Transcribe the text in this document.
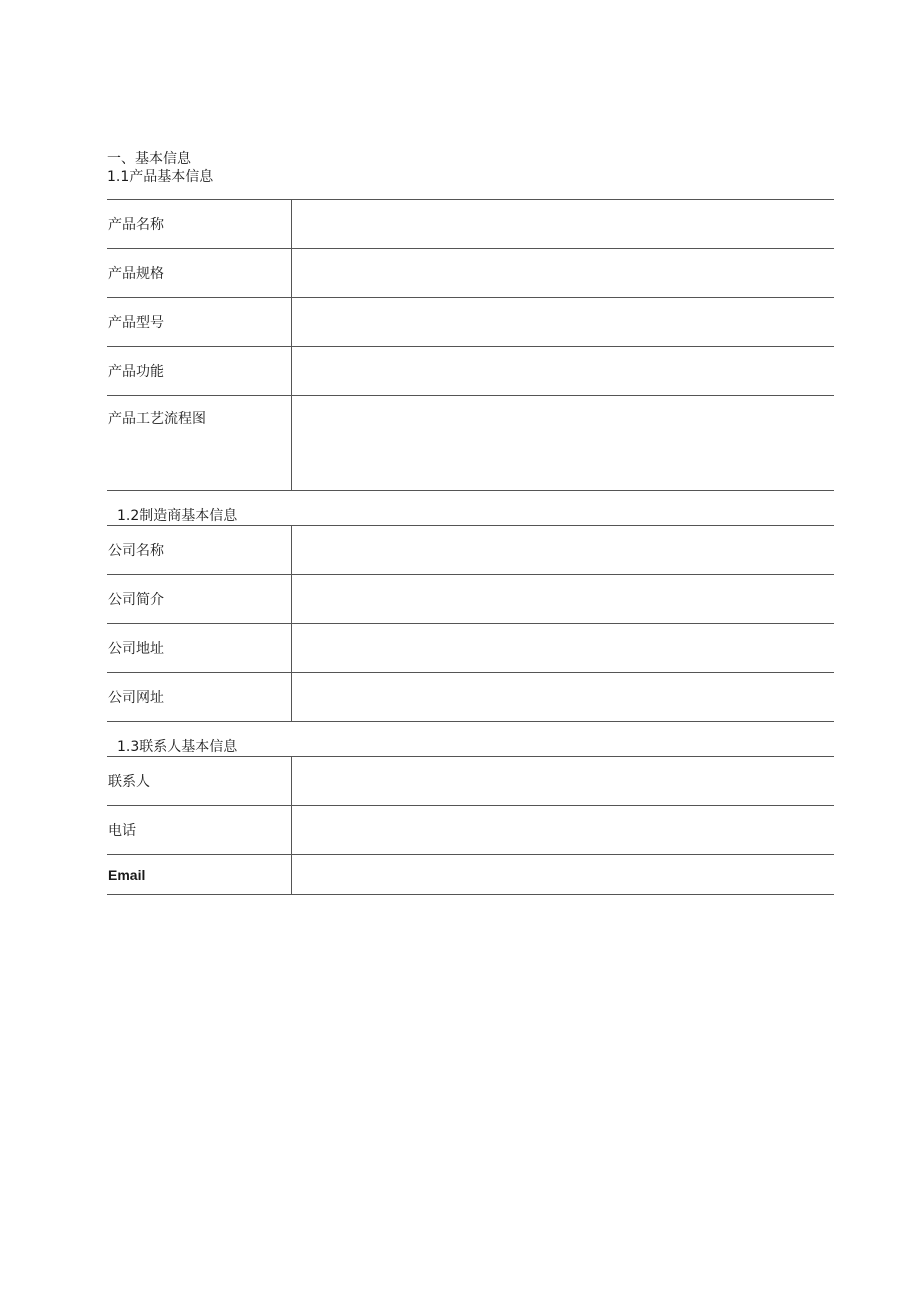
一、基本信息

1.1产品基本信息

产品名称	
产品规格	
产品型号	
产品功能	
产品工艺流程图	

1.2制造商基本信息

公司名称	
公司简介	
公司地址	
公司网址	

1.3联系人基本信息

联系人	
电话	
Email	
